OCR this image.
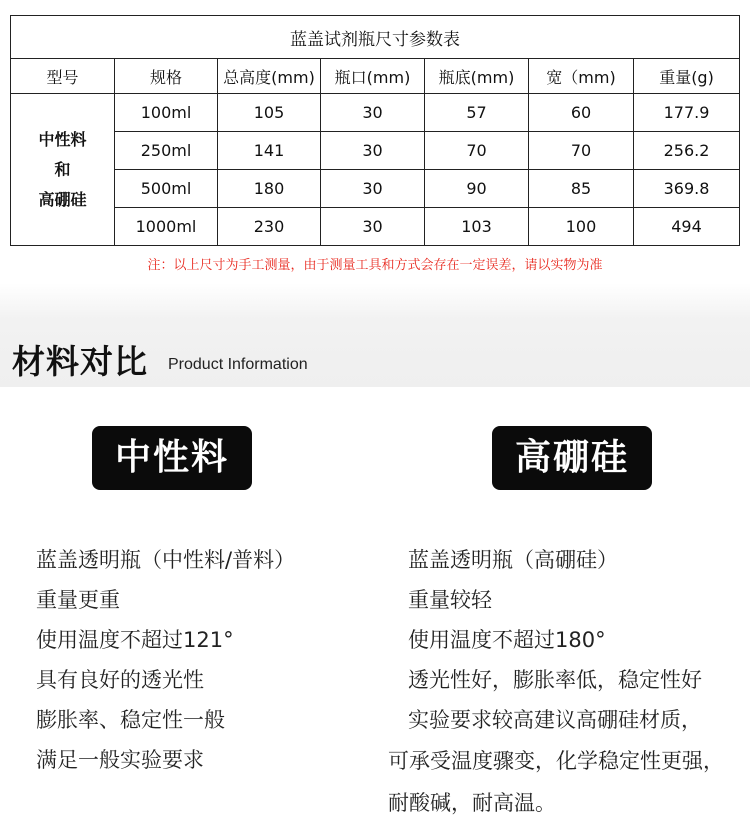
蓝盖试剂瓶尺寸参数表						
型号	规格	总高度(mm)	瓶口(mm)	瓶底(mm)	宽（mm)	重量(g)

中性料
和
高硼硅	100ml	105	30	57	60	177.9
	250ml	141	30	70	70	256.2
	500ml	180	30	90	85	369.8
	1000ml	230	30	103	100	494
注：以上尺寸为手工测量，由于测量工具和方式会存在一定误差，请以实物为准
材料对比 Product Information
中性料	高硼硅
蓝盖透明瓶（中性料/普料）
重量更重
使用温度不超过121°
具有良好的透光性
膨胀率、稳定性一般
满足一般实验要求
蓝盖透明瓶（高硼硅）
重量较轻
使用温度不超过180°
透光性好，膨胀率低，稳定性好
实验要求较高建议高硼硅材质，

可承受温度骤变，化学稳定性更强，耐酸碱，耐高温。
